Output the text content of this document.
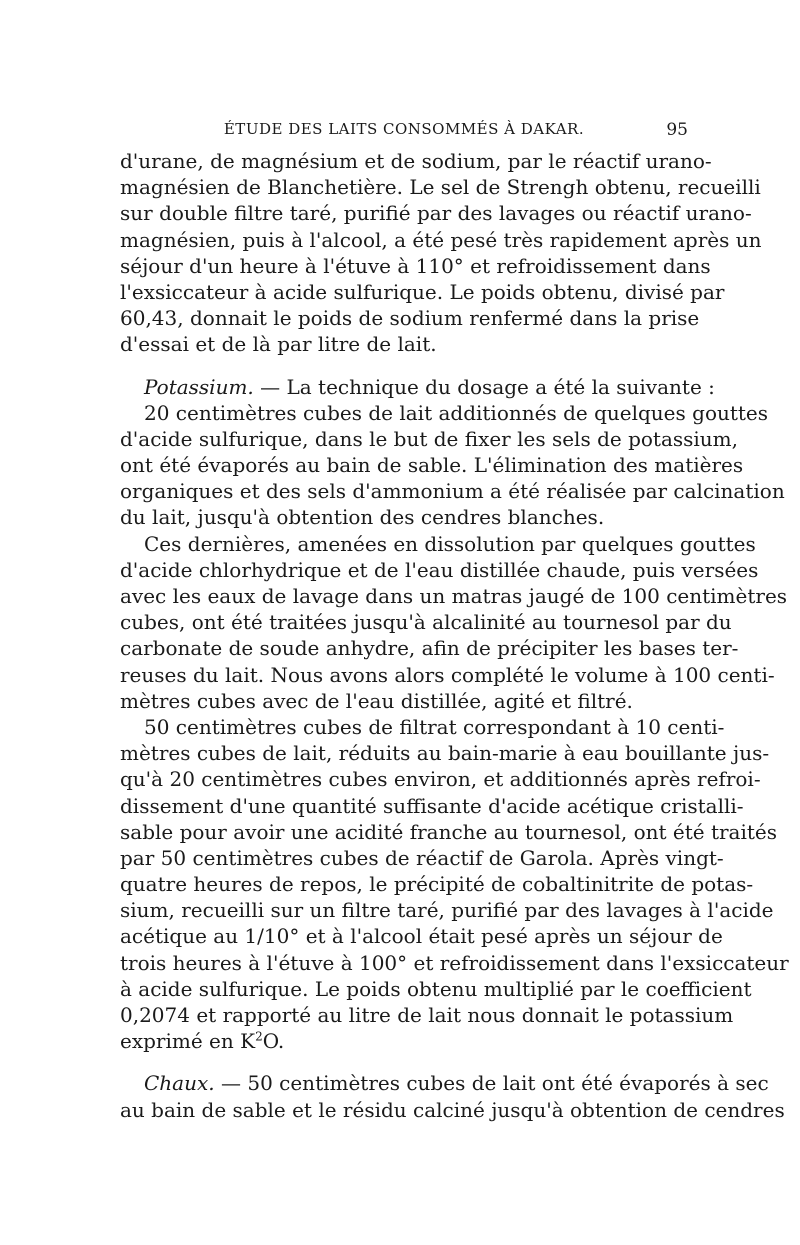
ÉTUDE DES LAITS CONSOMMÉS À DAKAR.	95
d'urane, de magnésium et de sodium, par le réactif urano-
magnésien de Blanchetière. Le sel de Strengh obtenu, recueilli
sur double filtre taré, purifié par des lavages ou réactif urano-
magnésien, puis à l'alcool, a été pesé très rapidement après un
séjour d'un heure à l'étuve à 110° et refroidissement dans
l'exsiccateur à acide sulfurique. Le poids obtenu, divisé par
60,43, donnait le poids de sodium renfermé dans la prise
d'essai et de là par litre de lait.
Potassium. — La technique du dosage a été la suivante :
20 centimètres cubes de lait additionnés de quelques gouttes
d'acide sulfurique, dans le but de fixer les sels de potassium,
ont été évaporés au bain de sable. L'élimination des matières
organiques et des sels d'ammonium a été réalisée par calcination
du lait, jusqu'à obtention des cendres blanches.
Ces dernières, amenées en dissolution par quelques gouttes
d'acide chlorhydrique et de l'eau distillée chaude, puis versées
avec les eaux de lavage dans un matras jaugé de 100 centimètres
cubes, ont été traitées jusqu'à alcalinité au tournesol par du
carbonate de soude anhydre, afin de précipiter les bases ter-
reuses du lait. Nous avons alors complété le volume à 100 centi-
mètres cubes avec de l'eau distillée, agité et filtré.
50 centimètres cubes de filtrat correspondant à 10 centi-
mètres cubes de lait, réduits au bain-marie à eau bouillante jus-
qu'à 20 centimètres cubes environ, et additionnés après refroi-
dissement d'une quantité suffisante d'acide acétique cristalli-
sable pour avoir une acidité franche au tournesol, ont été traités
par 50 centimètres cubes de réactif de Garola. Après vingt-
quatre heures de repos, le précipité de cobaltinitrite de potas-
sium, recueilli sur un filtre taré, purifié par des lavages à l'acide
acétique au 1/10° et à l'alcool était pesé après un séjour de
trois heures à l'étuve à 100° et refroidissement dans l'exsiccateur
à acide sulfurique. Le poids obtenu multiplié par le coefficient
0,2074 et rapporté au litre de lait nous donnait le potassium
exprimé en $K^2O$.
Chaux. — 50 centimètres cubes de lait ont été évaporés à sec
au bain de sable et le résidu calciné jusqu'à obtention de cendres
